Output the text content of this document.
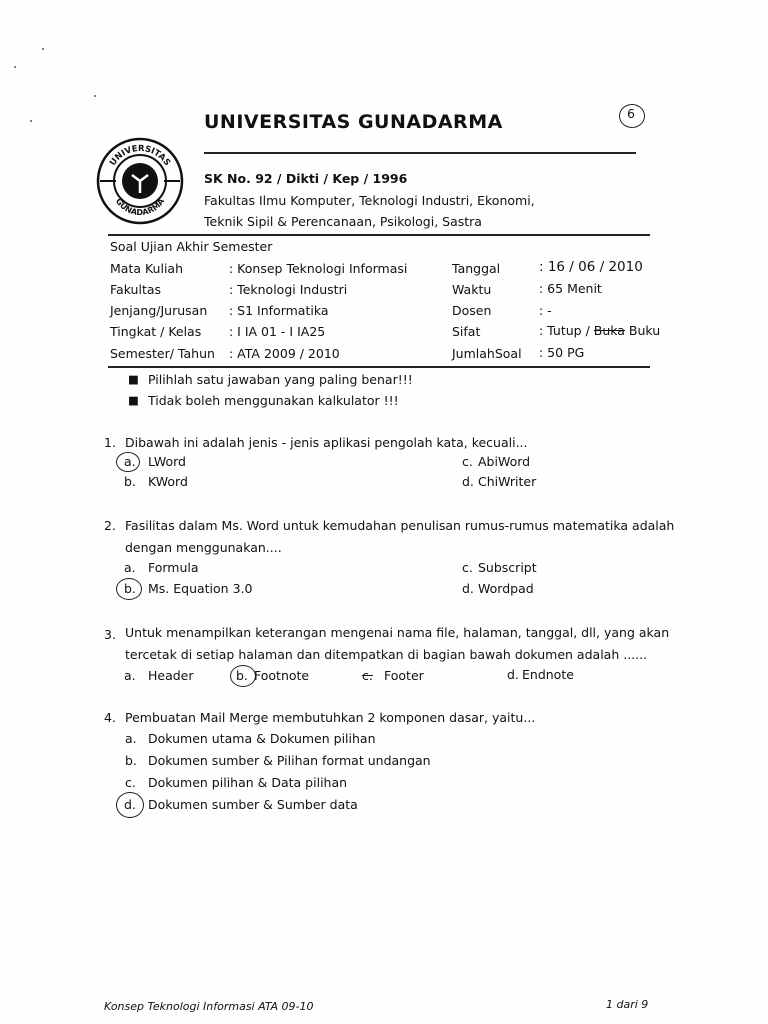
UNIVERSITAS GUNADARMA	6
UNIVERSITAS
GUNADARMA
SK No. 92 / Dikti / Kep / 1996
Fakultas Ilmu Komputer, Teknologi Industri, Ekonomi,
Teknik Sipil & Perencanaan, Psikologi, Sastra
Soal Ujian Akhir Semester
Mata Kuliah	: Konsep Teknologi Informasi
Fakultas	: Teknologi Industri
Jenjang/Jurusan : S1 Informatika
Tingkat / Kelas : I IA 01 - I IA25
Semester/ Tahun : ATA 2009 / 2010
Tanggal	: 16 / 06 / 2010
Waktu	: 65 Menit
Dosen	: -
Sifat	: Tutup / Buka Buku
JumlahSoal : 50 PG
■ Pilihlah satu jawaban yang paling benar!!!
■ Tidak boleh menggunakan kalkulator !!!
1. Dibawah ini adalah jenis - jenis aplikasi pengolah kata, kecuali...
a. LWord
b. KWord
c. AbiWord
d. ChiWriter
2. Fasilitas dalam Ms. Word untuk kemudahan penulisan rumus-rumus matematika adalah
dengan menggunakan....
a. Formula
b. Ms. Equation 3.0
c. Subscript
d. Wordpad
3. Untuk menampilkan keterangan mengenai nama file, halaman, tanggal, dll, yang akan
tercetak di setiap halaman dan ditempatkan di bagian bawah dokumen adalah ......
a. Header	b. Footnote	c. Footer	d. Endnote
4. Pembuatan Mail Merge membutuhkan 2 komponen dasar, yaitu...
a. Dokumen utama & Dokumen pilihan
b. Dokumen sumber & Pilihan format undangan
c. Dokumen pilihan & Data pilihan
d. Dokumen sumber & Sumber data
Konsep Teknologi Informasi ATA 09-10	1 dari 9
